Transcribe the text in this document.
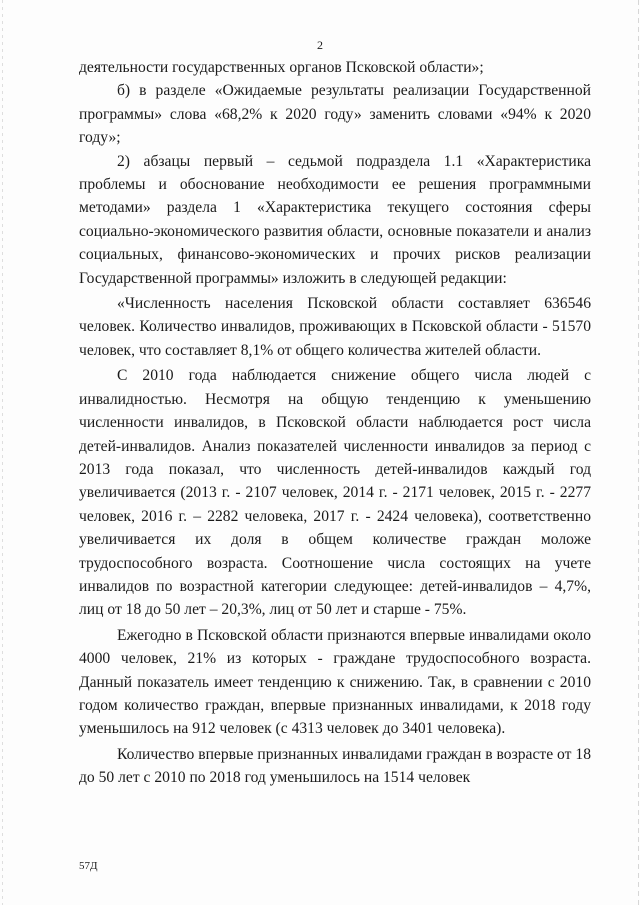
2

деятельности государственных органов Псковской области»;

б) в разделе «Ожидаемые результаты реализации Государственной программы» слова «68,2% к 2020 году» заменить словами «94% к 2020 году»;

2) абзацы первый – седьмой подраздела 1.1 «Характеристика проблемы и обоснование необходимости ее решения программными методами» раздела 1 «Характеристика текущего состояния сферы социально-экономического развития области, основные показатели и анализ социальных, финансово-экономических и прочих рисков реализации Государственной программы» изложить в следующей редакции:

«Численность населения Псковской области составляет 636546 человек. Количество инвалидов, проживающих в Псковской области - 51570 человек, что составляет 8,1% от общего количества жителей области.

С 2010 года наблюдается снижение общего числа людей с инвалидностью. Несмотря на общую тенденцию к уменьшению численности инвалидов, в Псковской области наблюдается рост числа детей-инвалидов. Анализ показателей численности инвалидов за период с 2013 года показал, что численность детей-инвалидов каждый год увеличивается (2013 г. - 2107 человек, 2014 г. - 2171 человек, 2015 г. - 2277 человек, 2016 г. – 2282 человека, 2017 г. - 2424 человека), соответственно увеличивается их доля в общем количестве граждан моложе трудоспособного возраста. Соотношение числа состоящих на учете инвалидов по возрастной категории следующее: детей-инвалидов – 4,7%, лиц от 18 до 50 лет – 20,3%, лиц от 50 лет и старше - 75%.

Ежегодно в Псковской области признаются впервые инвалидами около 4000 человек, 21% из которых - граждане трудоспособного возраста. Данный показатель имеет тенденцию к снижению. Так, в сравнении с 2010 годом количество граждан, впервые признанных инвалидами, к 2018 году уменьшилось на 912 человек (с 4313 человек до 3401 человека).

Количество впервые признанных инвалидами граждан в возрасте от 18 до 50 лет с 2010 по 2018 год уменьшилось на 1514 человек

57Д
